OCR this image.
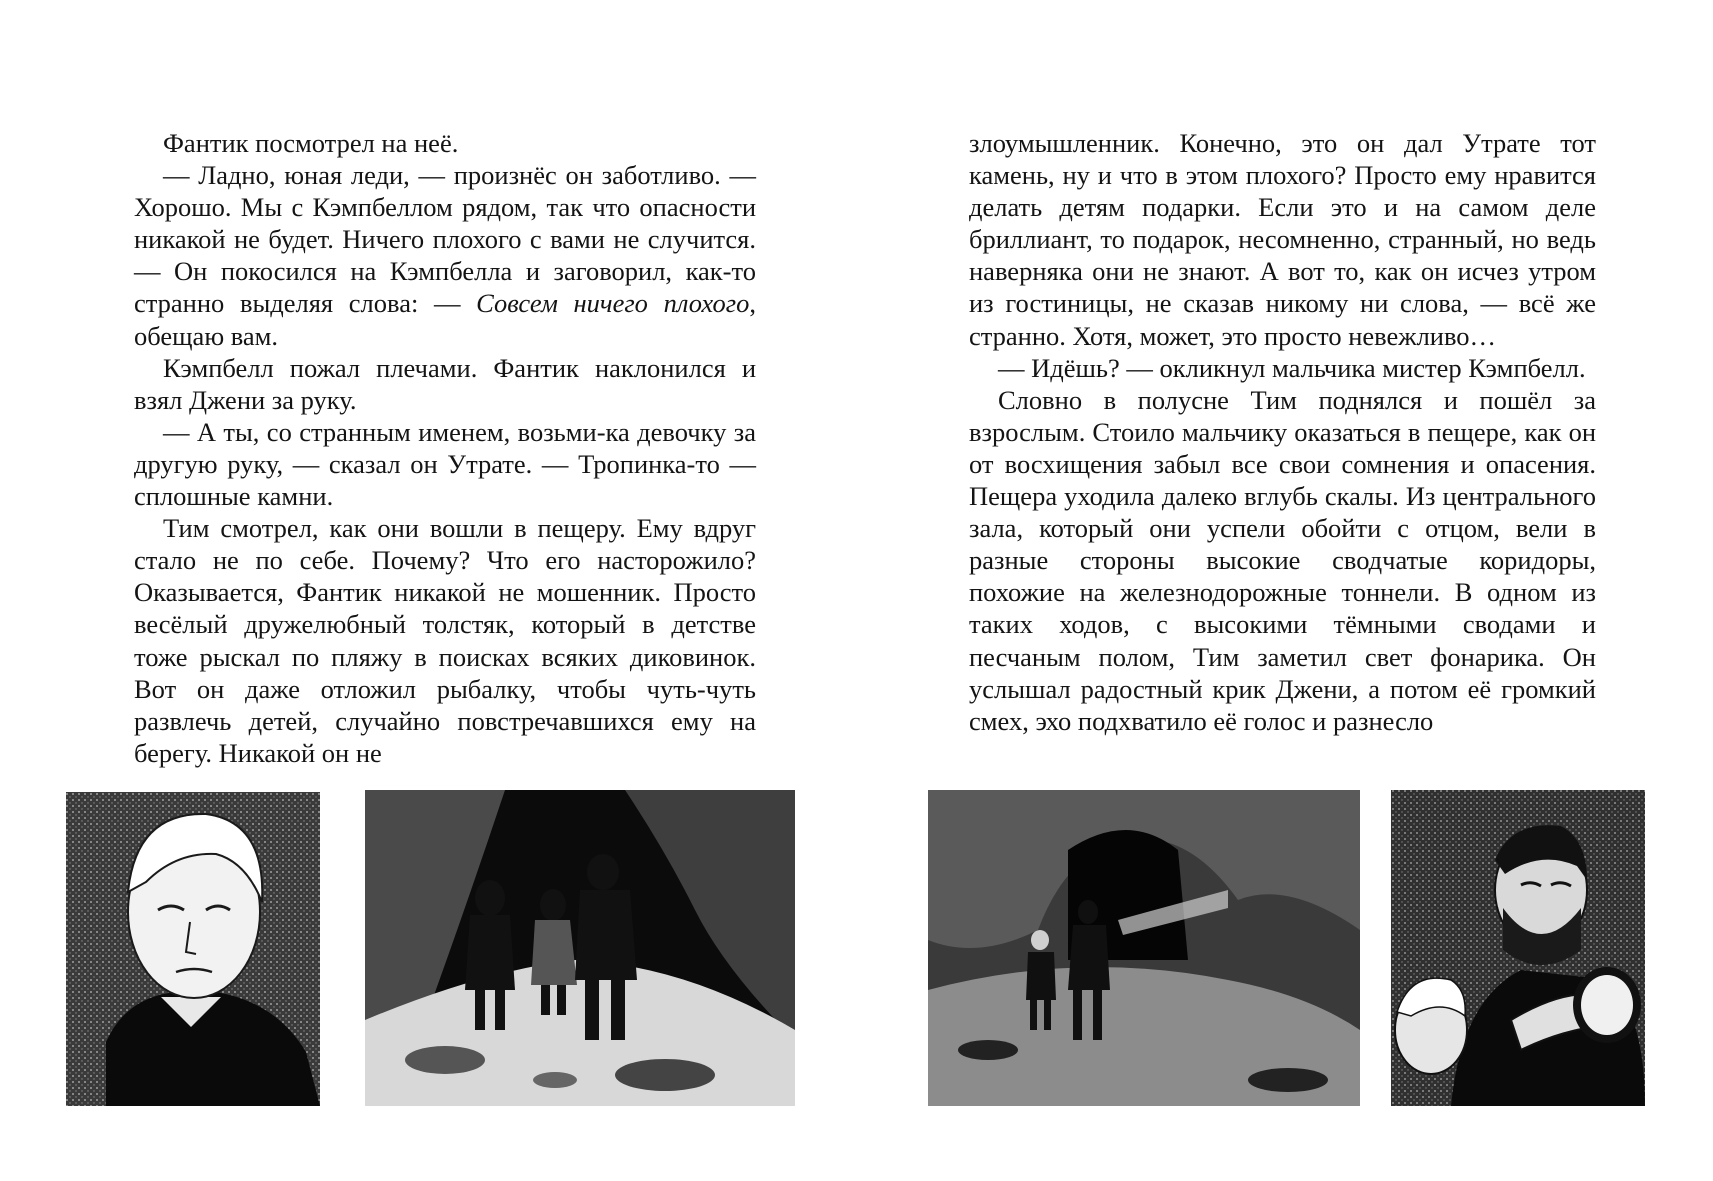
Фантик посмотрел на неё.

— Ладно, юная леди, — произнёс он заботливо. — Хорошо. Мы с Кэмпбеллом рядом, так что опасности никакой не будет. Ничего плохого с вами не случится. — Он покосился на Кэмпбелла и заговорил, как-то странно выделяя слова: — Совсем ничего плохого, обещаю вам.

Кэмпбелл пожал плечами. Фантик наклонился и взял Джени за руку.

— А ты, со странным именем, возьми-ка девочку за другую руку, — сказал он Утрате. — Тропинка-то — сплошные камни.

Тим смотрел, как они вошли в пещеру. Ему вдруг стало не по себе. Почему? Что его насторожило? Оказывается, Фантик никакой не мошенник. Просто весёлый дружелюбный толстяк, который в детстве тоже рыскал по пляжу в поисках всяких диковинок. Вот он даже отложил рыбалку, чтобы чуть-чуть развлечь детей, случайно повстречавшихся ему на берегу. Никакой он не

злоумышленник. Конечно, это он дал Утрате тот камень, ну и что в этом плохого? Просто ему нравится делать детям подарки. Если это и на самом деле бриллиант, то подарок, несомненно, странный, но ведь наверняка они не знают. А вот то, как он исчез утром из гостиницы, не сказав никому ни слова, — всё же странно. Хотя, может, это просто невежливо…

— Идёшь? — окликнул мальчика мистер Кэмпбелл.

Словно в полусне Тим поднялся и пошёл за взрослым. Стоило мальчику оказаться в пещере, как он от восхищения забыл все свои сомнения и опасения. Пещера уходила далеко вглубь скалы. Из центрального зала, который они успели обойти с отцом, вели в разные стороны высокие сводчатые коридоры, похожие на железнодорожные тоннели. В одном из таких ходов, с высокими тёмными сводами и песчаным полом, Тим заметил свет фонарика. Он услышал радостный крик Джени, а потом её громкий смех, эхо подхватило её голос и разнесло
